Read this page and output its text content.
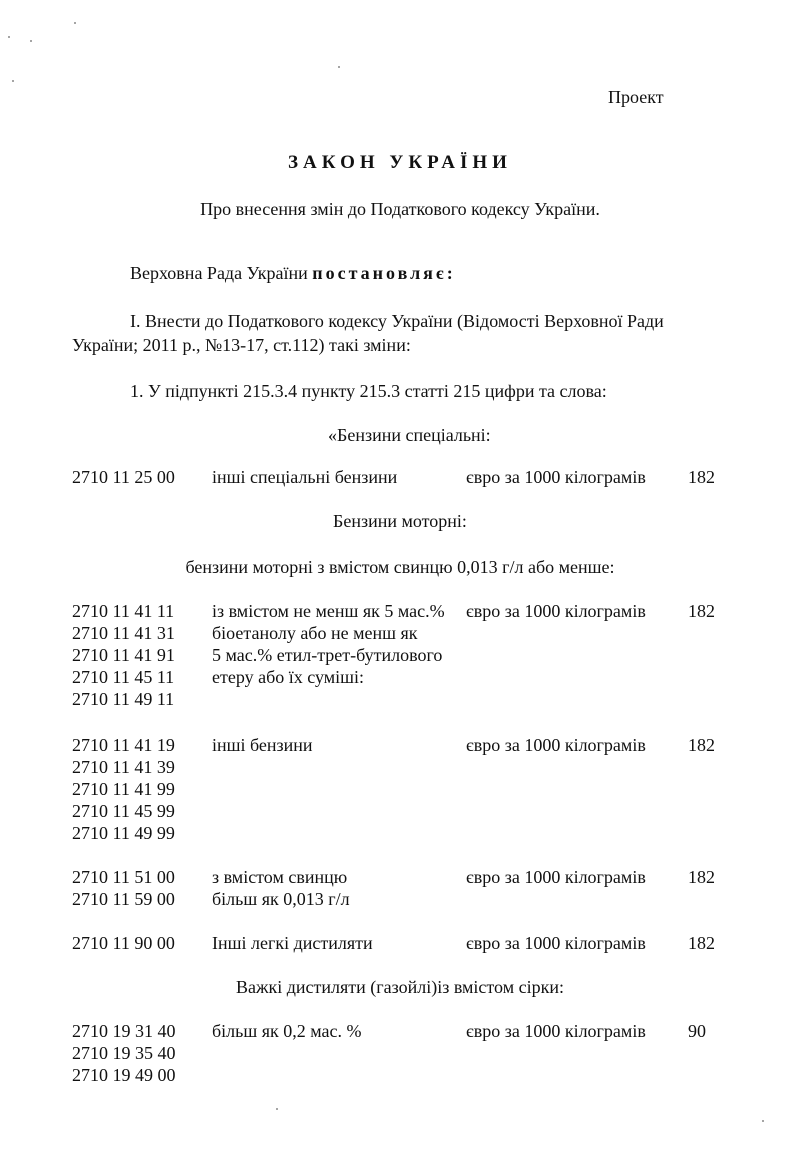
Проект
ЗАКОН УКРАЇНИ
Про внесення змін до Податкового кодексу України.
Верховна Рада України постановляє:
I. Внести до Податкового кодексу України (Відомості Верховної Ради
України; 2011 р., №13-17, ст.112) такі зміни:
1. У підпункті 215.3.4 пункту 215.3 статті 215 цифри та слова:
«Бензини спеціальні:
2710 11 25 00 інші спеціальні бензини	євро за 1000 кілограмів 182
Бензини моторні:
бензини моторні з вмістом свинцю 0,013 г/л або менше:
2710 11 41 11 із вмістом не менш як 5 мас.% євро за 1000 кілограмів 182
2710 11 41 31 біоетанолу або не менш як
2710 11 41 91 5 мас.% етил-трет-бутилового
2710 11 45 11 етеру або їх суміші:
2710 11 49 11
2710 11 41 19 інші бензини	євро за 1000 кілограмів 182
2710 11 41 39
2710 11 41 99
2710 11 45 99
2710 11 49 99
2710 11 51 00 з вмістом свинцю	євро за 1000 кілограмів 182
2710 11 59 00 більш як 0,013 г/л
2710 11 90 00 Інші легкі дистиляти	євро за 1000 кілограмів 182
Важкі дистиляти (газойлі)із вмістом сірки:
2710 19 31 40 більш як 0,2 мас. %	євро за 1000 кілограмів 90
2710 19 35 40
2710 19 49 00
